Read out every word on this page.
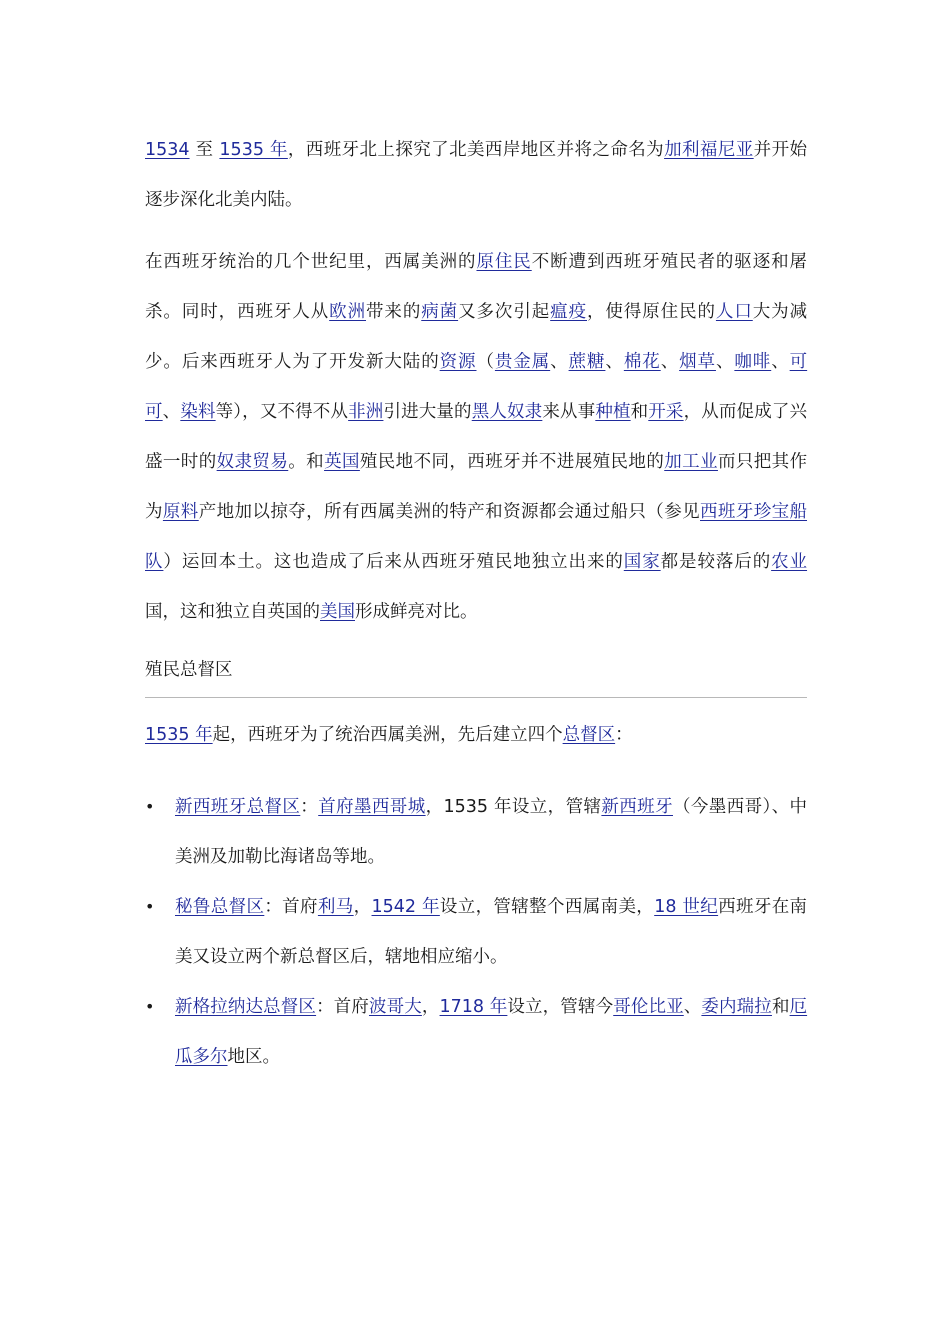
1534 至 1535 年，西班牙北上探究了北美西岸地区并将之命名为加利福尼亚并开始逐步深化北美内陆。

在西班牙统治的几个世纪里，西属美洲的原住民不断遭到西班牙殖民者的驱逐和屠杀。同时，西班牙人从欧洲带来的病菌又多次引起瘟疫，使得原住民的人口大为减少。后来西班牙人为了开发新大陆的资源（贵金属、蔗糖、棉花、烟草、咖啡、可可、染料等），又不得不从非洲引进大量的黑人奴隶来从事种植和开采，从而促成了兴盛一时的奴隶贸易。和英国殖民地不同，西班牙并不进展殖民地的加工业而只把其作为原料产地加以掠夺，所有西属美洲的特产和资源都会通过船只（参见西班牙珍宝船队）运回本土。这也造成了后来从西班牙殖民地独立出来的国家都是较落后的农业国，这和独立自英国的美国形成鲜亮对比。

殖民总督区

1535 年起，西班牙为了统治西属美洲，先后建立四个总督区：

• 新西班牙总督区：首府墨西哥城，1535 年设立，管辖新西班牙（今墨西哥）、中美洲及加勒比海诸岛等地。
• 秘鲁总督区：首府利马，1542 年设立，管辖整个西属南美，18 世纪西班牙在南美又设立两个新总督区后，辖地相应缩小。
• 新格拉纳达总督区：首府波哥大，1718 年设立，管辖今哥伦比亚、委内瑞拉和厄瓜多尔地区。
